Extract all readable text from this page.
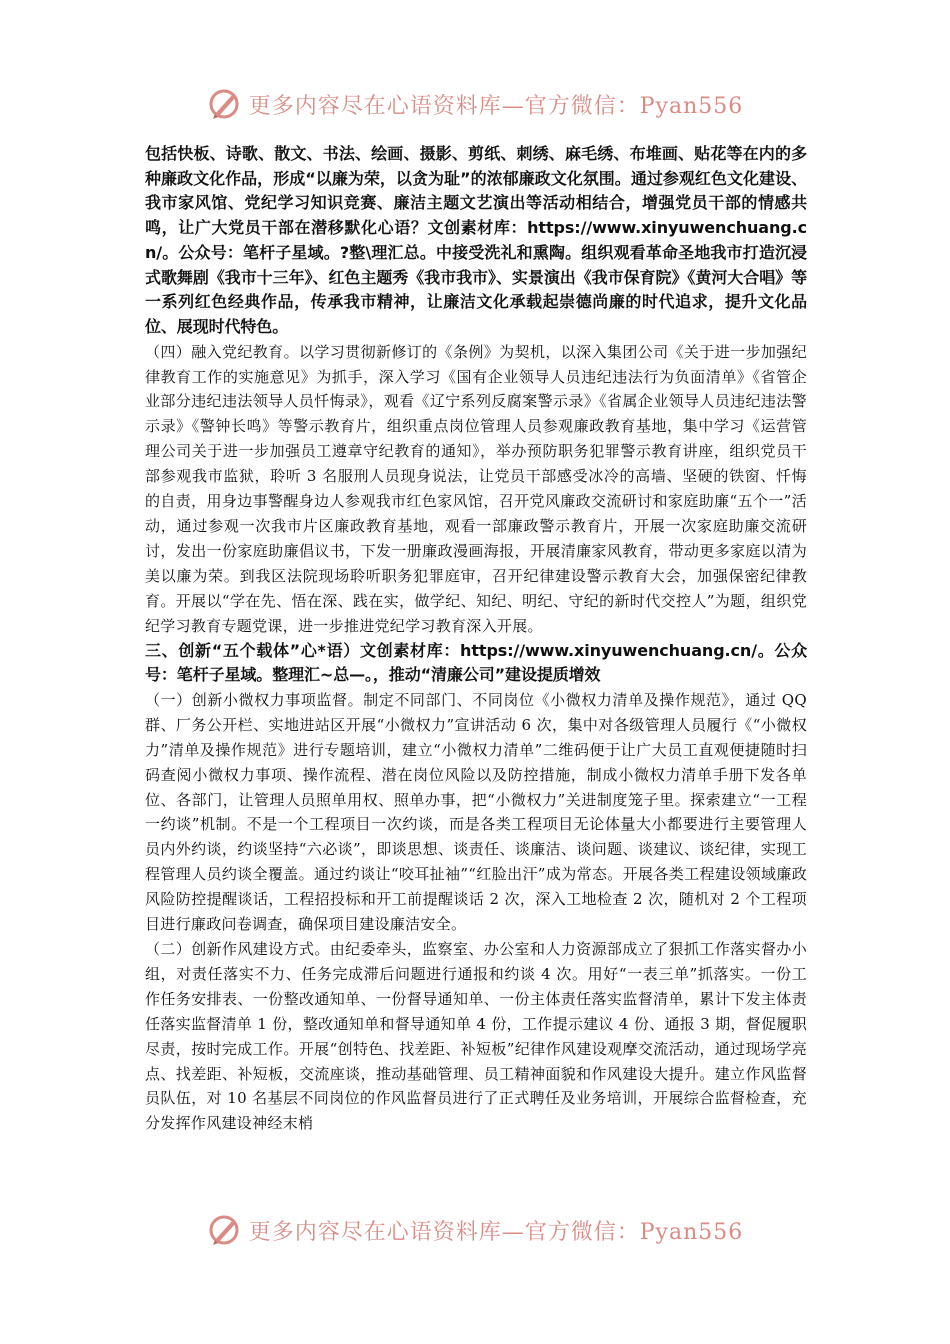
更多内容尽在心语资料库—官方微信：Pyan556

包括快板、诗歌、散文、书法、绘画、摄影、剪纸、刺绣、麻毛绣、布堆画、贴花等在内的多种廉政文化作品，形成“以廉为荣，以贪为耻”的浓郁廉政文化氛围。通过参观红色文化建设、我市家风馆、党纪学习知识竞赛、廉洁主题文艺演出等活动相结合，增强党员干部的情感共鸣，让广大党员干部在潜移默化心语？文创素材库：https://www.xinyuwenchuang.cn/。公众号：笔杆子星域。?整\理汇总。中接受洗礼和熏陶。组织观看革命圣地我市打造沉浸式歌舞剧《我市十三年》、红色主题秀《我市我市》、实景演出《我市保育院》《黄河大合唱》等一系列红色经典作品，传承我市精神，让廉洁文化承载起崇德尚廉的时代追求，提升文化品位、展现时代特色。

（四）融入党纪教育。以学习贯彻新修订的《条例》为契机，以深入集团公司《关于进一步加强纪律教育工作的实施意见》为抓手，深入学习《国有企业领导人员违纪违法行为负面清单》《省管企业部分违纪违法领导人员忏悔录》，观看《辽宁系列反腐案警示录》《省属企业领导人员违纪违法警示录》《警钟长鸣》等警示教育片，组织重点岗位管理人员参观廉政教育基地，集中学习《运营管理公司关于进一步加强员工遵章守纪教育的通知》，举办预防职务犯罪警示教育讲座，组织党员干部参观我市监狱，聆听 3 名服刑人员现身说法，让党员干部感受冰冷的高墙、坚硬的铁窗、忏悔的自责，用身边事警醒身边人参观我市红色家风馆，召开党风廉政交流研讨和家庭助廉“五个一”活动，通过参观一次我市片区廉政教育基地，观看一部廉政警示教育片，开展一次家庭助廉交流研讨，发出一份家庭助廉倡议书，下发一册廉政漫画海报，开展清廉家风教育，带动更多家庭以清为美以廉为荣。到我区法院现场聆听职务犯罪庭审，召开纪律建设警示教育大会，加强保密纪律教育。开展以“学在先、悟在深、践在实，做学纪、知纪、明纪、守纪的新时代交控人”为题，组织党纪学习教育专题党课，进一步推进党纪学习教育深入开展。

三、创新“五个载体”心*语）文创素材库：https://www.xinyuwenchuang.cn/。公众号：笔杆子星域。整理汇~总—。，推动“清廉公司”建设提质增效

（一）创新小微权力事项监督。制定不同部门、不同岗位《小微权力清单及操作规范》，通过 QQ 群、厂务公开栏、实地进站区开展“小微权力”宣讲活动 6 次，集中对各级管理人员履行《“小微权力”清单及操作规范》进行专题培训，建立“小微权力清单”二维码便于让广大员工直观便捷随时扫码查阅小微权力事项、操作流程、潜在岗位风险以及防控措施，制成小微权力清单手册下发各单位、各部门，让管理人员照单用权、照单办事，把“小微权力”关进制度笼子里。探索建立“一工程一约谈”机制。不是一个工程项目一次约谈，而是各类工程项目无论体量大小都要进行主要管理人员内外约谈，约谈坚持“六必谈”，即谈思想、谈责任、谈廉洁、谈问题、谈建议、谈纪律，实现工程管理人员约谈全覆盖。通过约谈让“咬耳扯袖”“红脸出汗”成为常态。开展各类工程建设领域廉政风险防控提醒谈话，工程招投标和开工前提醒谈话 2 次，深入工地检查 2 次，随机对 2 个工程项目进行廉政问卷调查，确保项目建设廉洁安全。

（二）创新作风建设方式。由纪委牵头，监察室、办公室和人力资源部成立了狠抓工作落实督办小组，对责任落实不力、任务完成滞后问题进行通报和约谈 4 次。用好“一表三单”抓落实。一份工作任务安排表、一份整改通知单、一份督导通知单、一份主体责任落实监督清单，累计下发主体责任落实监督清单 1 份，整改通知单和督导通知单 4 份，工作提示建议 4 份、通报 3 期，督促履职尽责，按时完成工作。开展“创特色、找差距、补短板”纪律作风建设观摩交流活动，通过现场学亮点、找差距、补短板，交流座谈，推动基础管理、员工精神面貌和作风建设大提升。建立作风监督员队伍，对 10 名基层不同岗位的作风监督员进行了正式聘任及业务培训，开展综合监督检查，充分发挥作风建设神经末梢

更多内容尽在心语资料库—官方微信：Pyan556
